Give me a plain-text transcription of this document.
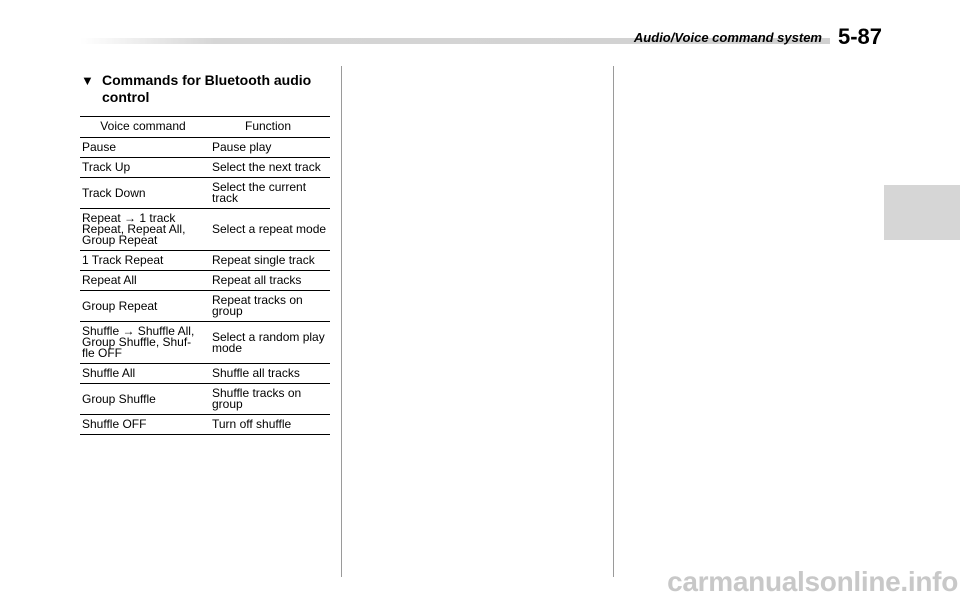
Audio/Voice command system 5-87
▼ Commands for Bluetooth audio
control
Voice command	Function
Pause	Pause play
Track Up	Select the next track
Track Down	Select the current
track
Repeat → 1 track
Repeat, Repeat All,
Group Repeat	Select a repeat mode
1 Track Repeat	Repeat single track
Repeat All	Repeat all tracks
Group Repeat	Repeat tracks on
group
Shuffle → Shuffle All,
Group Shuffle, Shuf-
fle OFF	Select a random play
mode
Shuffle All	Shuffle all tracks
Group Shuffle	Shuffle tracks on
group
Shuffle OFF	Turn off shuffle
carmanualsonline.info
